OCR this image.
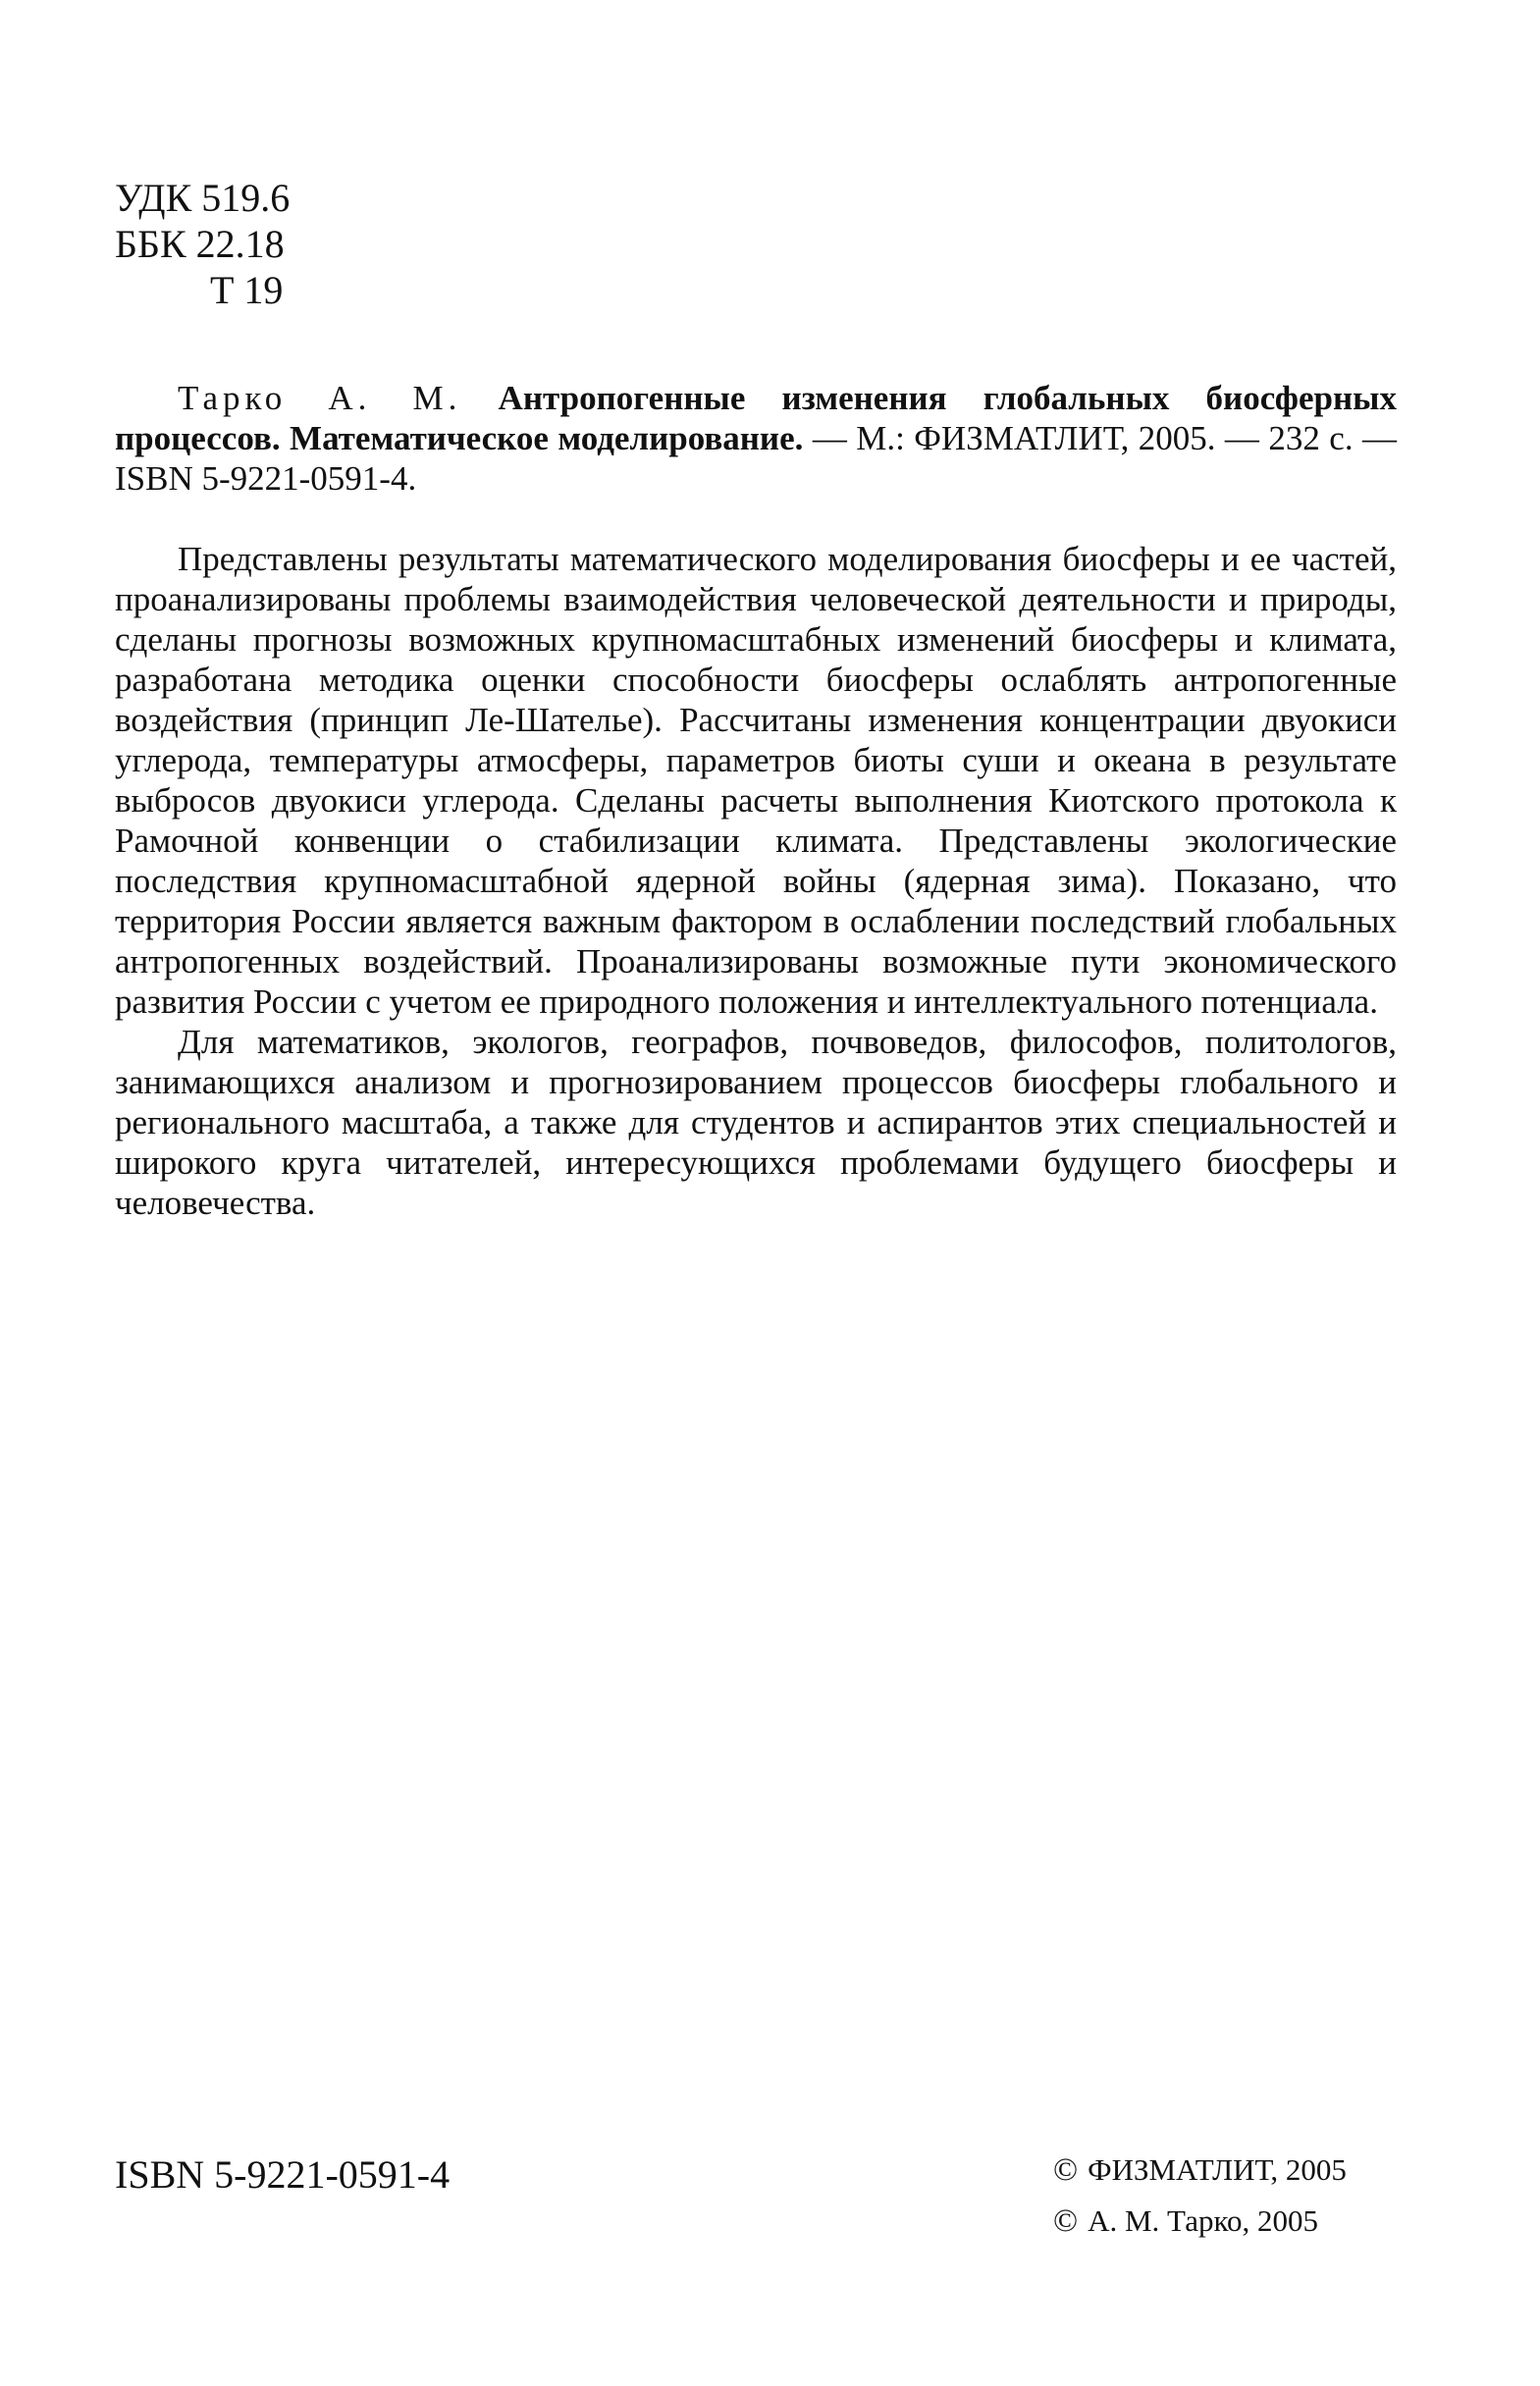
УДК 519.6
ББК 22.18
Т 19

Тарко А. М. Антропогенные изменения глобальных биосферных процессов. Математическое моделирование. — М.: ФИЗМАТЛИТ, 2005. — 232 с. — ISBN 5-9221-0591-4.

Представлены результаты математического моделирования биосферы и ее частей, проанализированы проблемы взаимодействия человеческой деятельности и природы, сделаны прогнозы возможных крупномасштабных изменений биосферы и климата, разработана методика оценки способности биосферы ослаблять антропогенные воздействия (принцип Ле-Шателье). Рассчитаны изменения концентрации двуокиси углерода, температуры атмосферы, параметров биоты суши и океана в результате выбросов двуокиси углерода. Сделаны расчеты выполнения Киотского протокола к Рамочной конвенции о стабилизации климата. Представлены экологические последствия крупномасштабной ядерной войны (ядерная зима). Показано, что территория России является важным фактором в ослаблении последствий глобальных антропогенных воздействий. Проанализированы возможные пути экономического развития России с учетом ее природного положения и интеллектуального потенциала.

Для математиков, экологов, географов, почвоведов, философов, политологов, занимающихся анализом и прогнозированием процессов биосферы глобального и регионального масштаба, а также для студентов и аспирантов этих специальностей и широкого круга читателей, интересующихся проблемами будущего биосферы и человечества.

ISBN 5-9221-0591-4	© ФИЗМАТЛИТ, 2005
© А. М. Тарко, 2005
